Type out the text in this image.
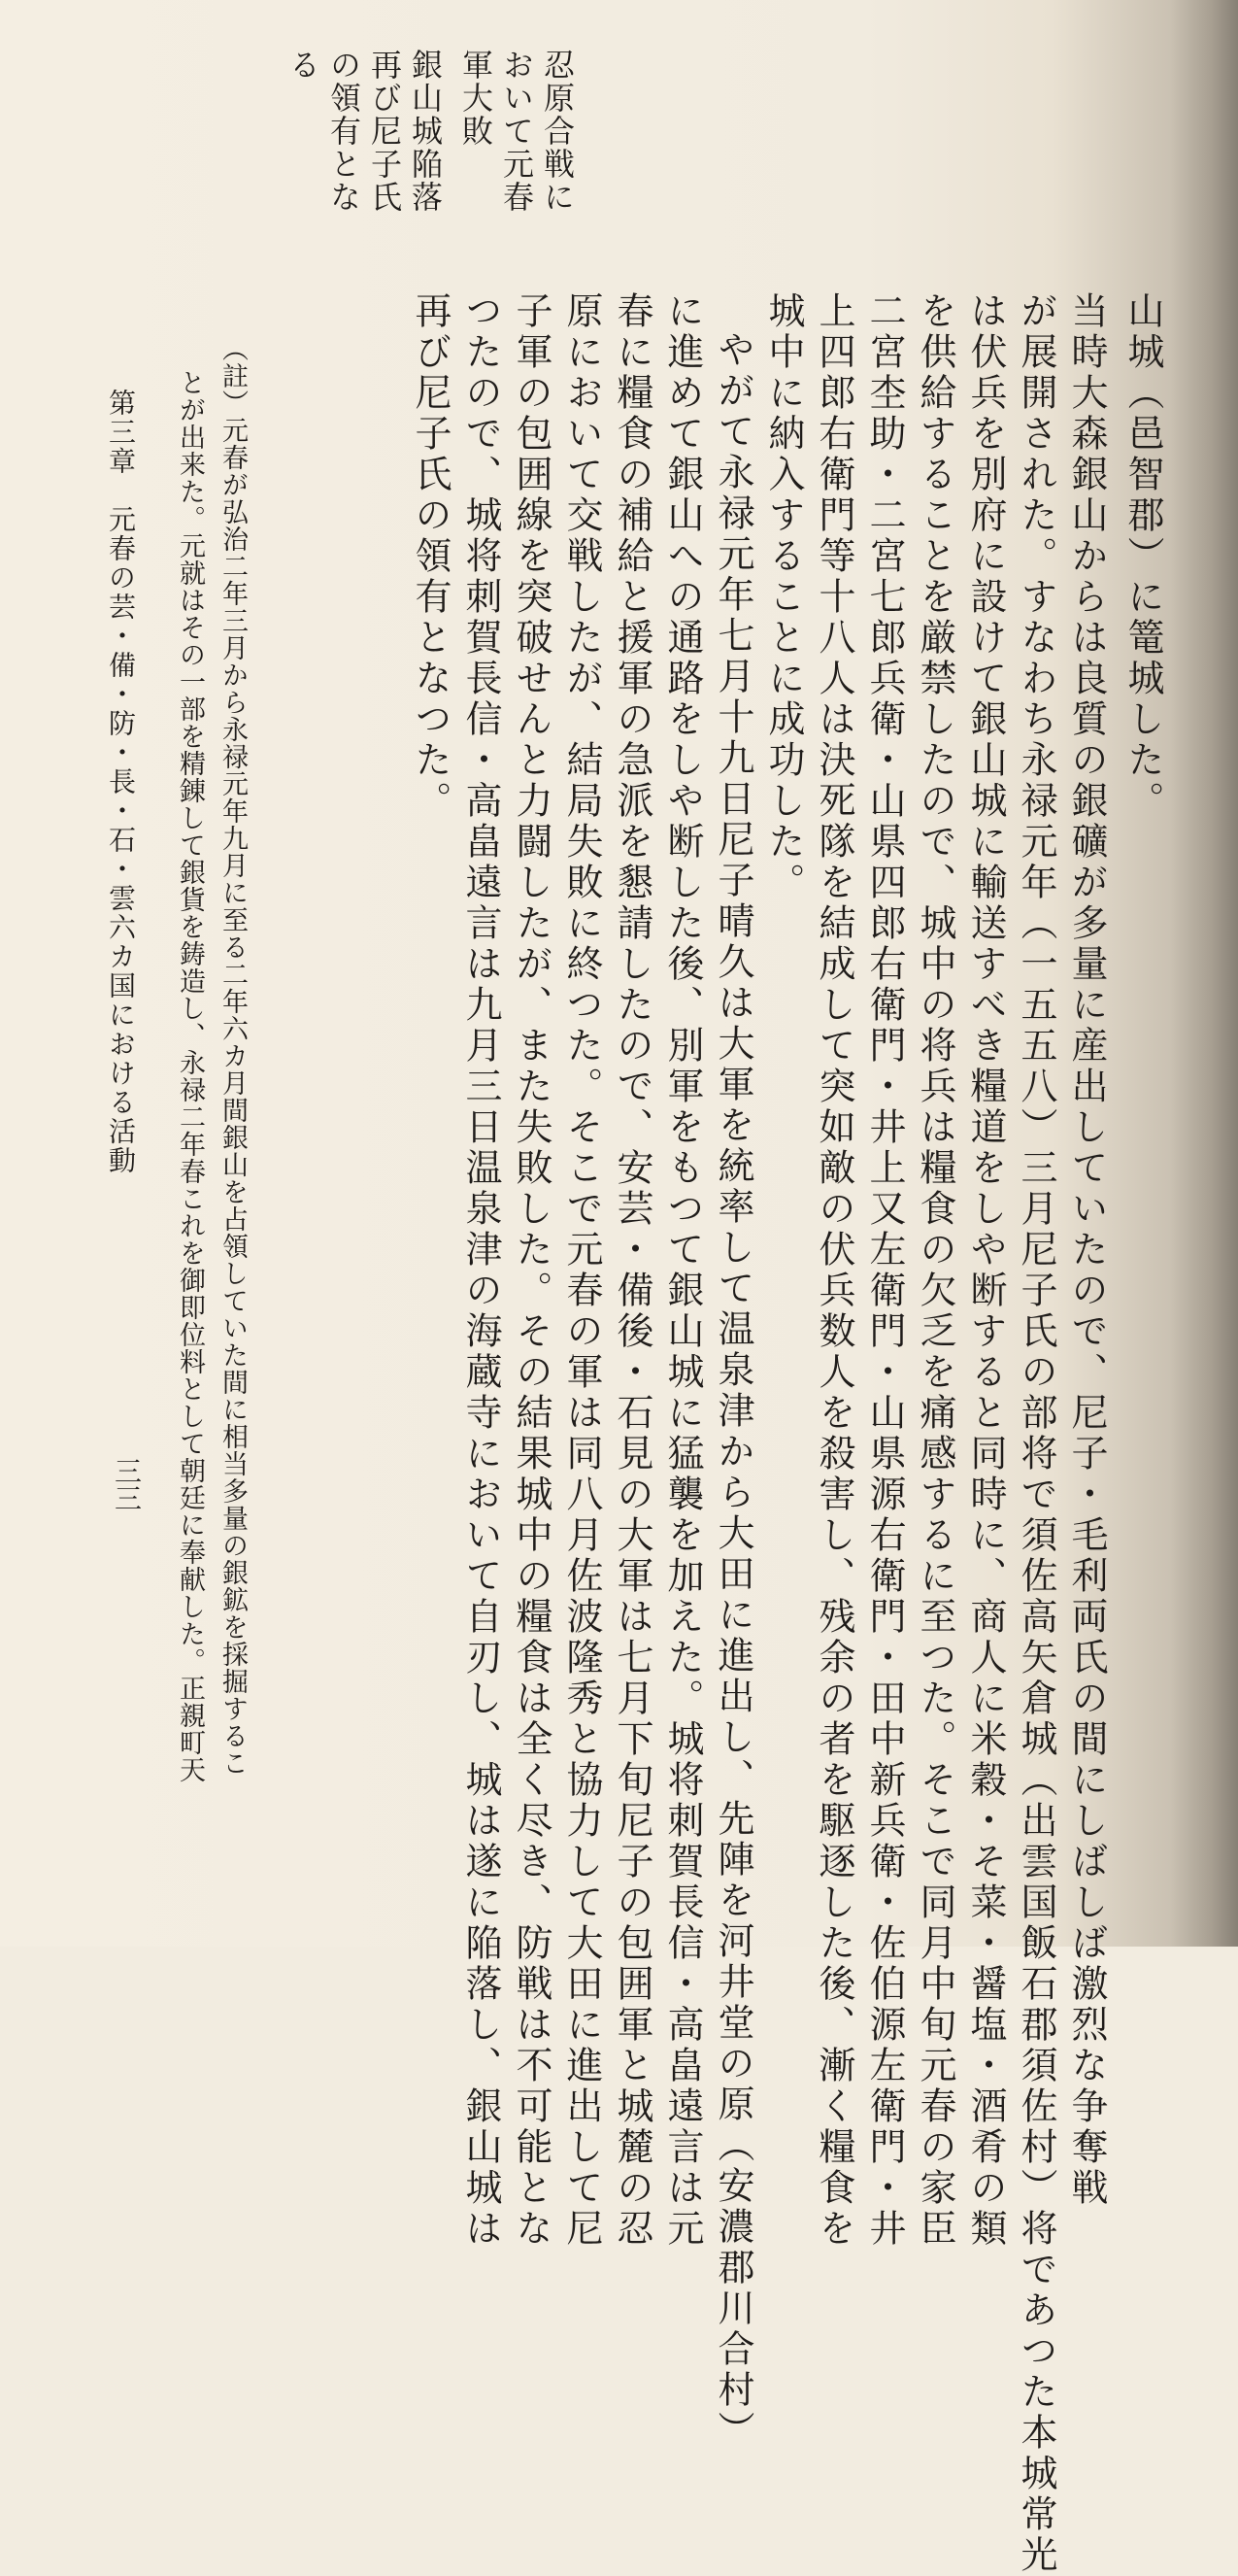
山城（邑智郡）に篭城した。
当時大森銀山からは良質の銀礦が多量に産出していたので、尼子・毛利両氏の間にしばしば激烈な争奪戦
が展開された。すなわち永禄元年（一五五八）三月尼子氏の部将で須佐高矢倉城（出雲国飯石郡須佐村）将であつた本城常光
は伏兵を別府に設けて銀山城に輸送すべき糧道をしや断すると同時に、商人に米穀・そ菜・醤塩・酒肴の類
を供給することを厳禁したので、城中の将兵は糧食の欠乏を痛感するに至つた。そこで同月中旬元春の家臣
二宮杢助・二宮七郎兵衛・山県四郎右衛門・井上又左衛門・山県源右衛門・田中新兵衛・佐伯源左衛門・井
上四郎右衛門等十八人は決死隊を結成して突如敵の伏兵数人を殺害し、残余の者を駆逐した後、漸く糧食を
城中に納入することに成功した。
やがて永禄元年七月十九日尼子晴久は大軍を統率して温泉津から大田に進出し、先陣を河井堂の原（安濃郡川合村）
に進めて銀山への通路をしや断した後、別軍をもつて銀山城に猛襲を加えた。城将刺賀長信・高畠遠言は元
春に糧食の補給と援軍の急派を懇請したので、安芸・備後・石見の大軍は七月下旬尼子の包囲軍と城麓の忍
原において交戦したが、結局失敗に終つた。そこで元春の軍は同八月佐波隆秀と協力して大田に進出して尼
子軍の包囲線を突破せんと力闘したが、また失敗した。その結果城中の糧食は全く尽き、防戦は不可能とな
つたので、城将刺賀長信・高畠遠言は九月三日温泉津の海蔵寺において自刃し、城は遂に陥落し、銀山城は
再び尼子氏の領有となつた。
忍原合戦に
おいて元春
軍大敗
銀山城陥落
再び尼子氏
の領有とな
る
（註）元春が弘治二年三月から永禄元年九月に至る二年六カ月間銀山を占領していた間に相当多量の銀鉱を採掘するこ
とが出来た。元就はその一部を精錬して銀貨を鋳造し、永禄二年春これを御即位料として朝廷に奉献した。正親町天
第三章　元春の芸・備・防・長・石・雲六カ国における活動
三三
